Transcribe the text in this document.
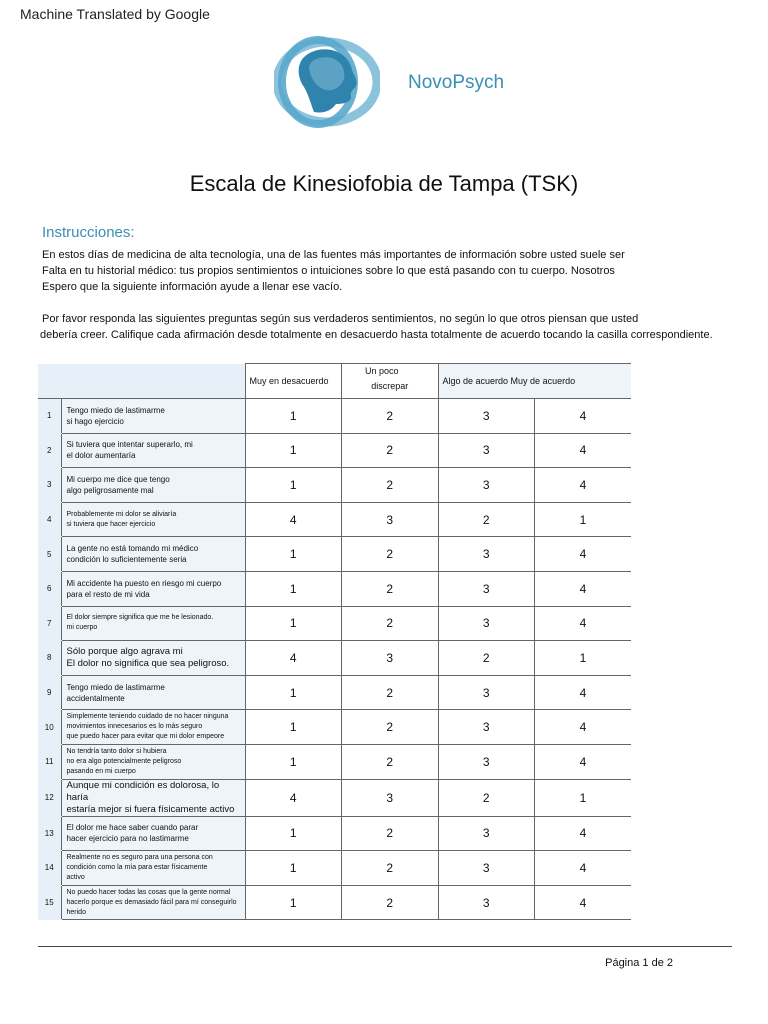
Machine Translated by Google
NovoPsych
Escala de Kinesiofobia de Tampa (TSK)
Instrucciones:

En estos días de medicina de alta tecnología, una de las fuentes más importantes de información sobre usted suele ser
Falta en tu historial médico: tus propios sentimientos o intuiciones sobre lo que está pasando con tu cuerpo. Nosotros
Espero que la siguiente información ayude a llenar ese vacío.

Por favor responda las siguientes preguntas según sus verdaderos sentimientos, no según lo que otros piensan que usted
debería creer. Califique cada afirmación desde totalmente en desacuerdo hasta totalmente de acuerdo tocando la casilla correspondiente.

		Muy en desacuerdo	Un poco
discrepar	Algo de acuerdo Muy de acuerdo	
1	Tengo miedo de lastimarme
si hago ejercicio	1	2	3	4
2	Si tuviera que intentar superarlo, mi
el dolor aumentaría	1	2	3	4
3	Mi cuerpo me dice que tengo
algo peligrosamente mal	1	2	3	4
4	Probablemente mi dolor se aliviaría
si tuviera que hacer ejercicio	4	3	2	1
5	La gente no está tomando mi médico
condición lo suficientemente seria	1	2	3	4
6	Mi accidente ha puesto en riesgo mi cuerpo
para el resto de mi vida	1	2	3	4
7	El dolor siempre significa que me he lesionado.
mi cuerpo	1	2	3	4
8	Sólo porque algo agrava mi
El dolor no significa que sea peligroso.	4	3	2	1
9	Tengo miedo de lastimarme
accidentalmente	1	2	3	4
10	Simplemente teniendo cuidado de no hacer ninguna
movimientos innecesarios es lo más seguro
que puedo hacer para evitar que mi dolor empeore	1	2	3	4
11	No tendría tanto dolor si hubiera
no era algo potencialmente peligroso
pasando en mi cuerpo	1	2	3	4
12	Aunque mi condición es dolorosa, lo haría
estaría mejor si fuera físicamente activo	4	3	2	1
13	El dolor me hace saber cuando parar
hacer ejercicio para no lastimarme	1	2	3	4
14	Realmente no es seguro para una persona con
condición como la mía para estar físicamente
activo	1	2	3	4
15	No puedo hacer todas las cosas que la gente normal
hacerlo porque es demasiado fácil para mí conseguirlo
herido	1	2	3	4
Página 1 de 2
